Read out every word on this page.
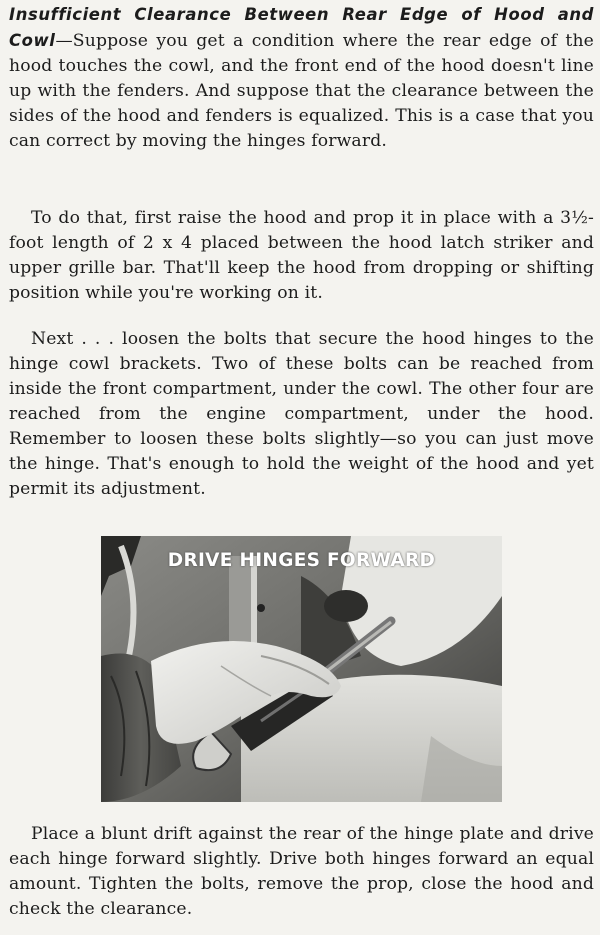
Insufficient Clearance Between Rear Edge of Hood and Cowl—Suppose you get a condition where the rear edge of the hood touches the cowl, and the front end of the hood doesn't line up with the fenders. And suppose that the clearance between the sides of the hood and fenders is equalized. This is a case that you can correct by moving the hinges forward.

To do that, first raise the hood and prop it in place with a 3½-foot length of 2 x 4 placed between the hood latch striker and upper grille bar. That'll keep the hood from dropping or shifting position while you're working on it.

Next . . . loosen the bolts that secure the hood hinges to the hinge cowl brackets. Two of these bolts can be reached from inside the front compartment, under the cowl. The other four are reached from the engine compartment, under the hood. Remember to loosen these bolts slightly—so you can just move the hinge. That's enough to hold the weight of the hood and yet permit its adjustment.

Place a blunt drift against the rear of the hinge plate and drive each hinge forward slightly. Drive both hinges forward an equal amount. Tighten the bolts, remove the prop, close the hood and check the clearance.

DRIVE HINGES FORWARD
